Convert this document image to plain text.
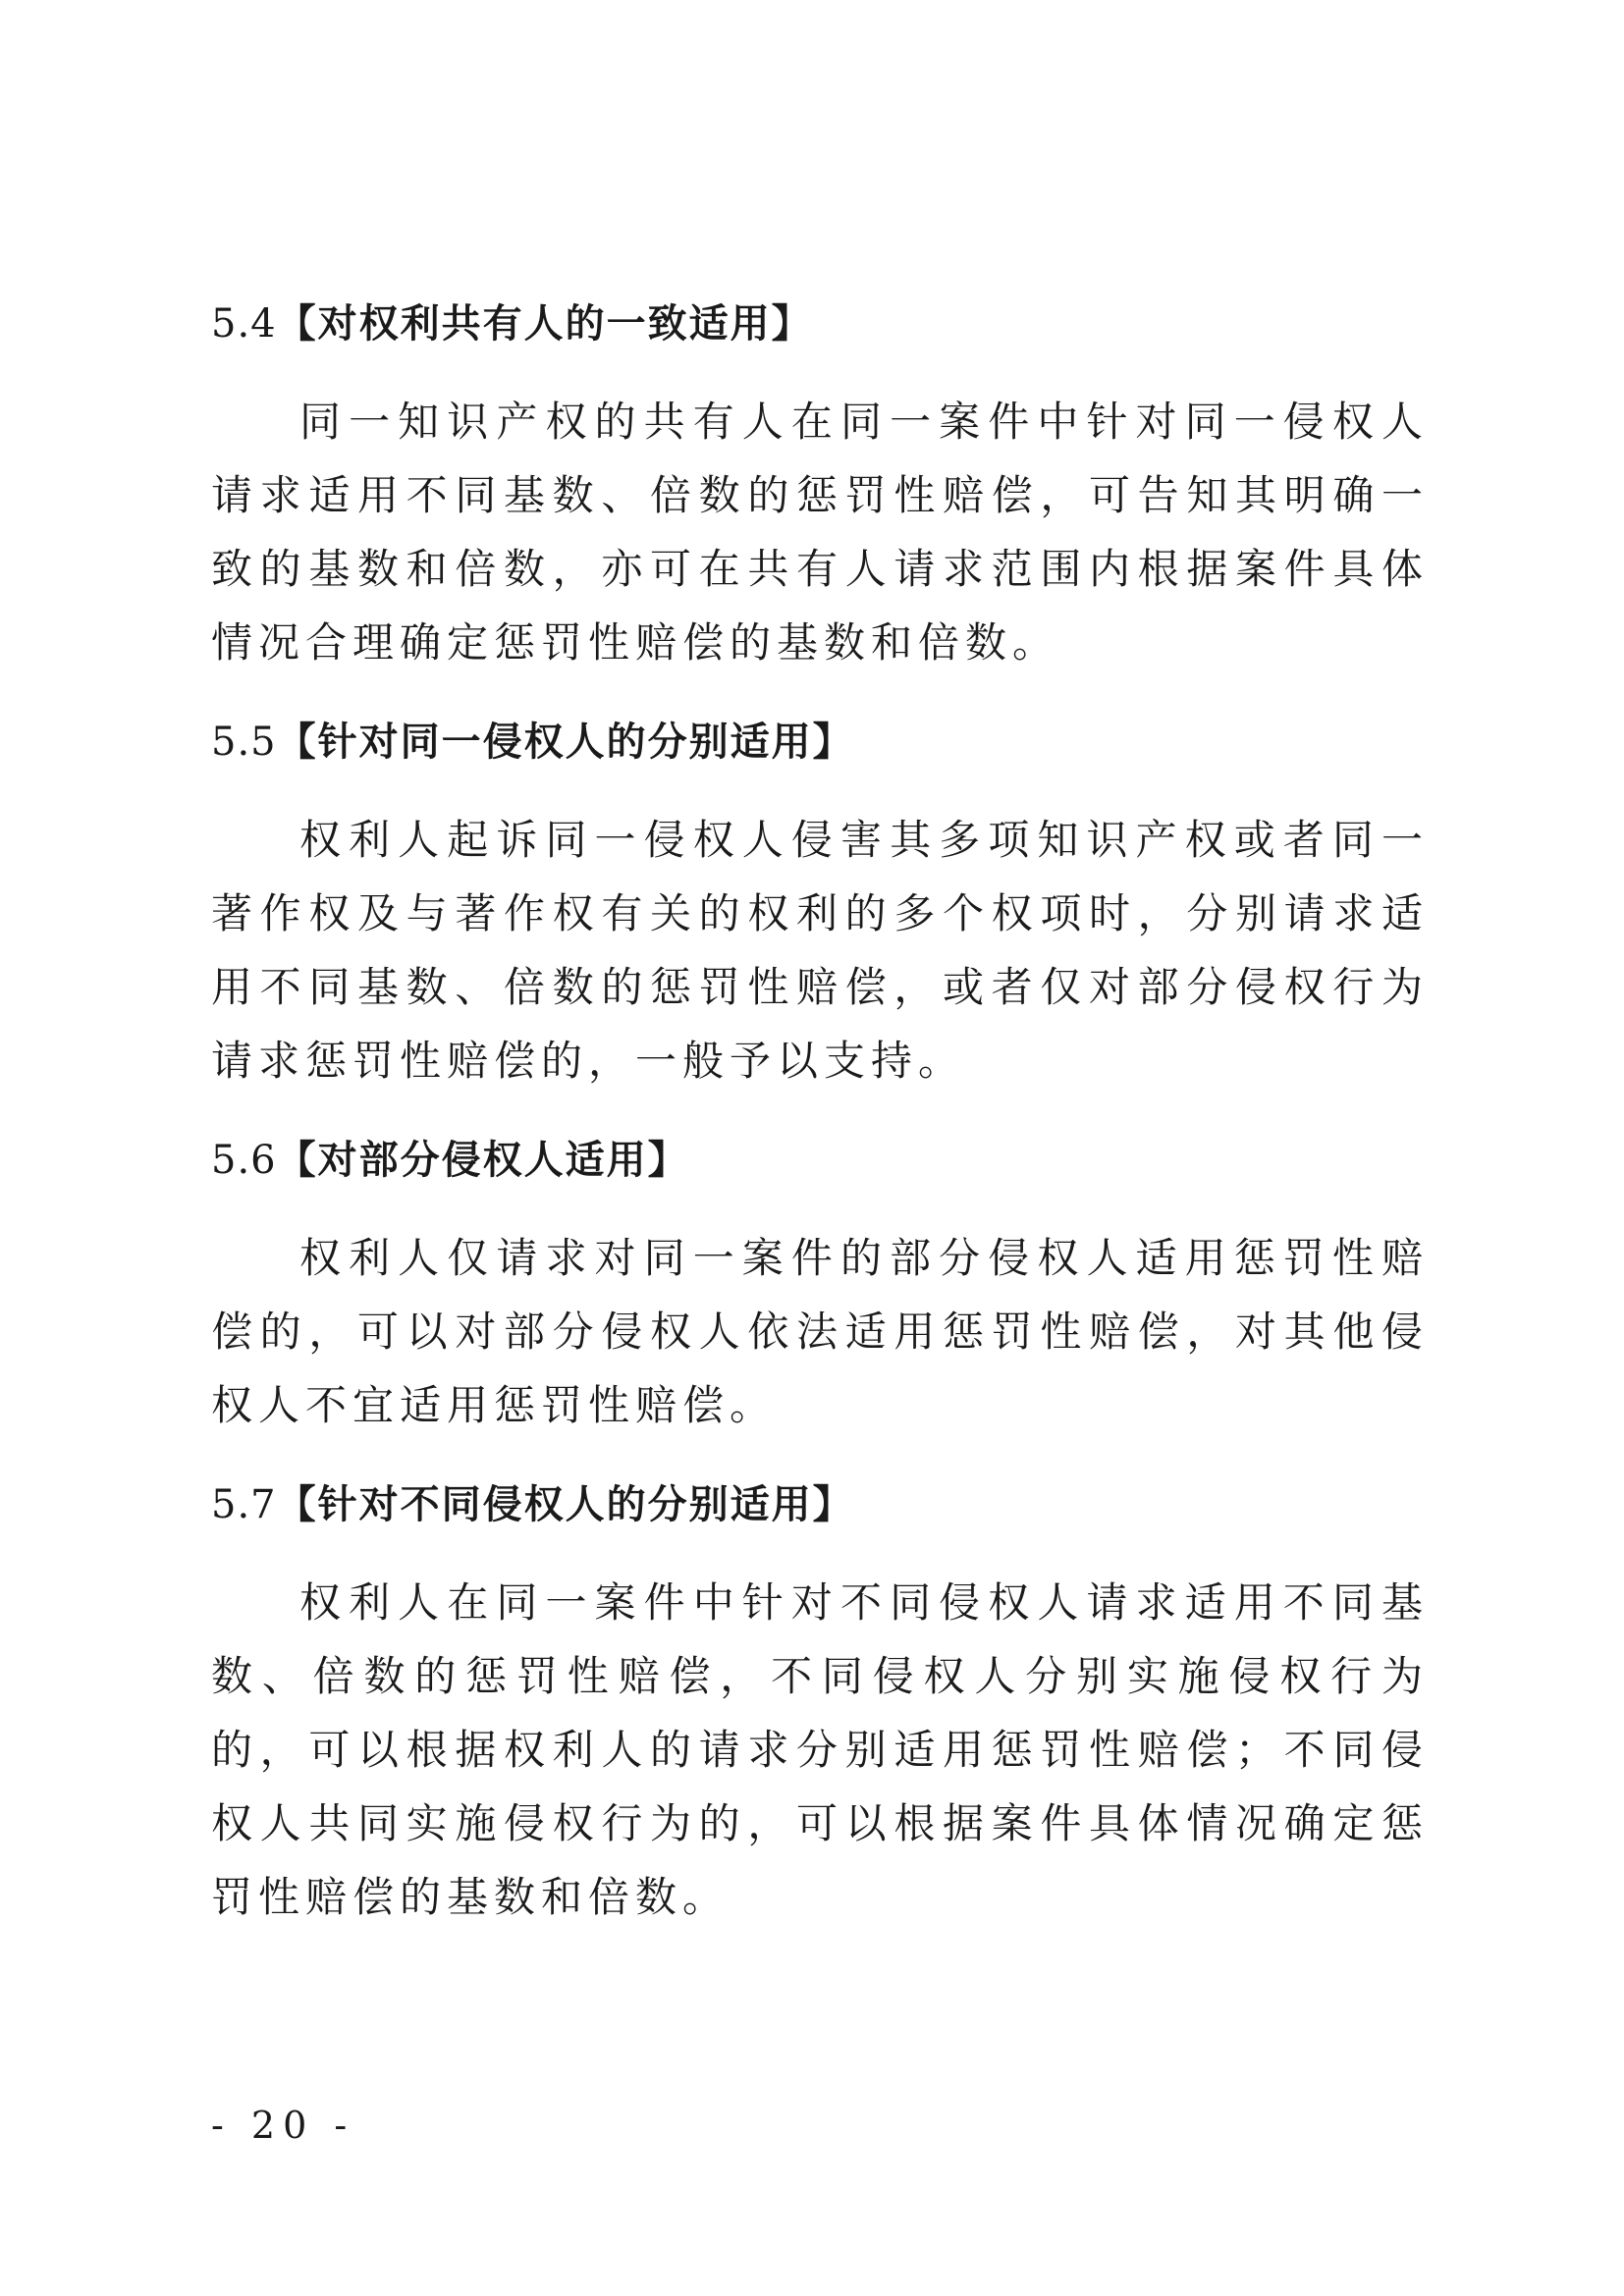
5.4【对权利共有人的一致适用】

同一知识产权的共有人在同一案件中针对同一侵权人请求适用不同基数、倍数的惩罚性赔偿，可告知其明确一致的基数和倍数，亦可在共有人请求范围内根据案件具体情况合理确定惩罚性赔偿的基数和倍数。

5.5【针对同一侵权人的分别适用】

权利人起诉同一侵权人侵害其多项知识产权或者同一著作权及与著作权有关的权利的多个权项时，分别请求适用不同基数、倍数的惩罚性赔偿，或者仅对部分侵权行为请求惩罚性赔偿的，一般予以支持。

5.6【对部分侵权人适用】

权利人仅请求对同一案件的部分侵权人适用惩罚性赔偿的，可以对部分侵权人依法适用惩罚性赔偿，对其他侵权人不宜适用惩罚性赔偿。

5.7【针对不同侵权人的分别适用】

权利人在同一案件中针对不同侵权人请求适用不同基数、倍数的惩罚性赔偿，不同侵权人分别实施侵权行为的，可以根据权利人的请求分别适用惩罚性赔偿；不同侵权人共同实施侵权行为的，可以根据案件具体情况确定惩罚性赔偿的基数和倍数。

- 20 -
